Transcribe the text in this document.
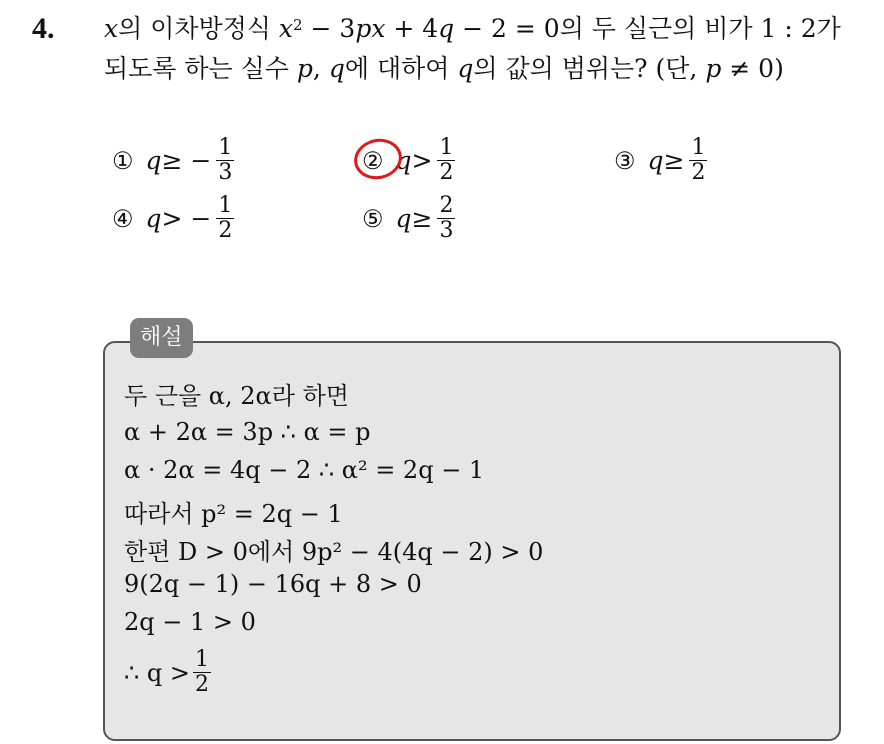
4. x의 이차방정식 $x^2 - 3px + 4q - 2 = 0$의 두 실근의 비가 1 : 2가
되도록 하는 실수 p, q에 대하여 q의 값의 범위는? (단, p ≠ 0)
① q ≥ − $\frac{1}{3}$	② $q > \frac{1}{2}$	③ $q \ge \frac{1}{2}$
④ q > − $\frac{1}{2}$	⑤ $q \ge \frac{2}{3}$
해설
두 근을 α, 2α라 하면
α + 2α = 3p ∴ α = p
α · 2α = 4q − 2 ∴ α² = 2q − 1
따라서 p² = 2q − 1
한편 D > 0에서 9p² − 4(4q − 2) > 0
9(2q − 1) − 16q + 8 > 0
2q − 1 > 0
∴ $q > \frac{1}{2}$
